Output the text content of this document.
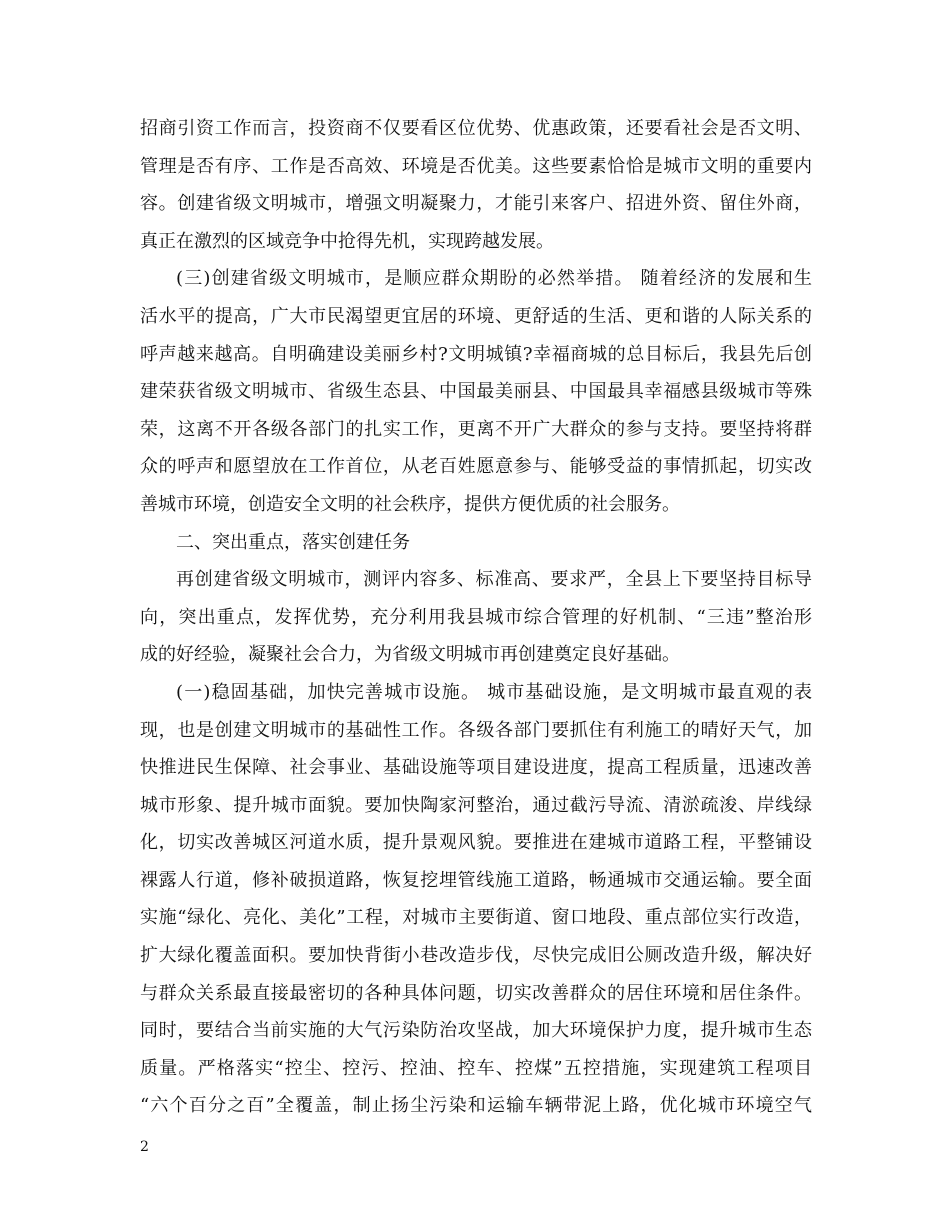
招商引资工作而言，投资商不仅要看区位优势、优惠政策，还要看社会是否文明、
管理是否有序、工作是否高效、环境是否优美。这些要素恰恰是城市文明的重要内
容。创建省级文明城市，增强文明凝聚力，才能引来客户、招进外资、留住外商，
真正在激烈的区域竞争中抢得先机，实现跨越发展。
(三)创建省级文明城市，是顺应群众期盼的必然举措。 随着经济的发展和生
活水平的提高，广大市民渴望更宜居的环境、更舒适的生活、更和谐的人际关系的
呼声越来越高。自明确建设美丽乡村?文明城镇?幸福商城的总目标后，我县先后创
建荣获省级文明城市、省级生态县、中国最美丽县、中国最具幸福感县级城市等殊
荣，这离不开各级各部门的扎实工作，更离不开广大群众的参与支持。要坚持将群
众的呼声和愿望放在工作首位，从老百姓愿意参与、能够受益的事情抓起，切实改
善城市环境，创造安全文明的社会秩序，提供方便优质的社会服务。
二、突出重点，落实创建任务
再创建省级文明城市，测评内容多、标准高、要求严，全县上下要坚持目标导
向，突出重点，发挥优势，充分利用我县城市综合管理的好机制、“三违”整治形
成的好经验，凝聚社会合力，为省级文明城市再创建奠定良好基础。
(一)稳固基础，加快完善城市设施。 城市基础设施，是文明城市最直观的表
现，也是创建文明城市的基础性工作。各级各部门要抓住有利施工的晴好天气，加
快推进民生保障、社会事业、基础设施等项目建设进度，提高工程质量，迅速改善
城市形象、提升城市面貌。要加快陶家河整治，通过截污导流、清淤疏浚、岸线绿
化，切实改善城区河道水质，提升景观风貌。要推进在建城市道路工程，平整铺设
裸露人行道，修补破损道路，恢复挖埋管线施工道路，畅通城市交通运输。要全面
实施“绿化、亮化、美化”工程，对城市主要街道、窗口地段、重点部位实行改造，
扩大绿化覆盖面积。要加快背街小巷改造步伐，尽快完成旧公厕改造升级，解决好
与群众关系最直接最密切的各种具体问题，切实改善群众的居住环境和居住条件。
同时，要结合当前实施的大气污染防治攻坚战，加大环境保护力度，提升城市生态
质量。严格落实“控尘、控污、控油、控车、控煤”五控措施，实现建筑工程项目
“六个百分之百”全覆盖，制止扬尘污染和运输车辆带泥上路，优化城市环境空气
2
